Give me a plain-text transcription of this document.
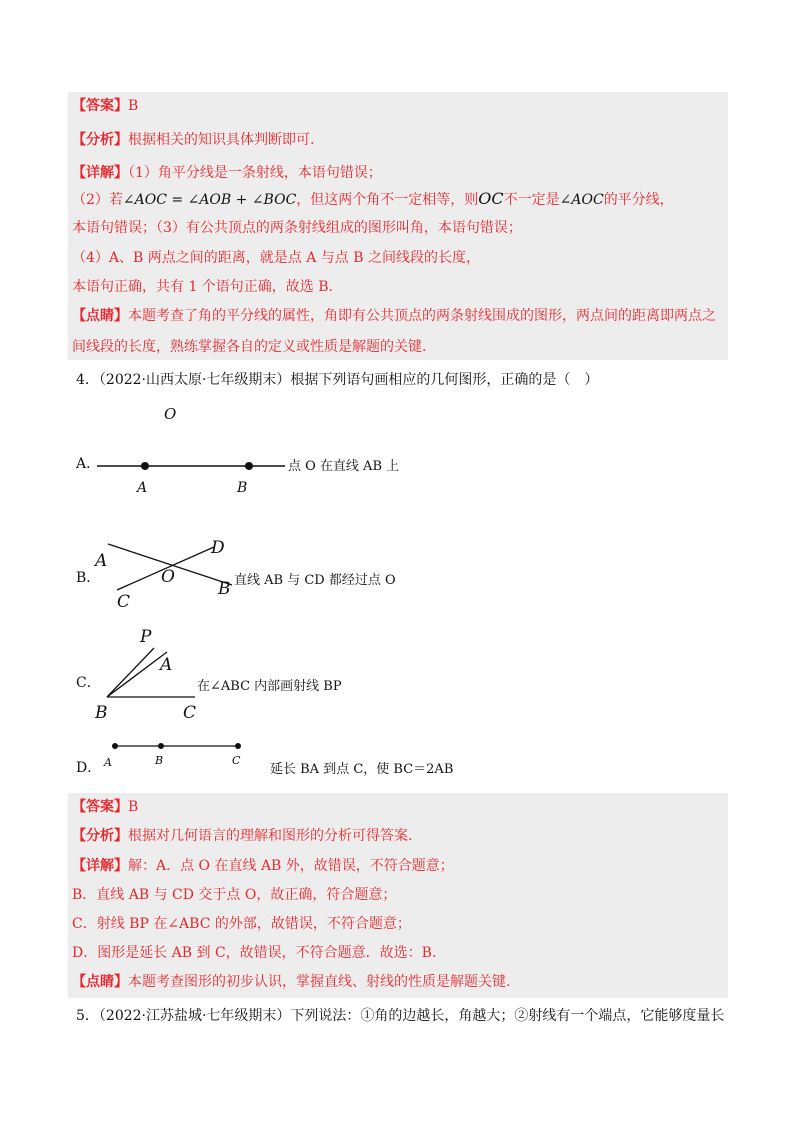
【答案】B
【分析】根据相关的知识具体判断即可.
【详解】（1）角平分线是一条射线，本语句错误；
（2）若∠AOC = ∠AOB + ∠BOC，但这两个角不一定相等，则OC不一定是∠AOC的平分线，
本语句错误；（3）有公共顶点的两条射线组成的图形叫角，本语句错误；
（4）A、B 两点之间的距离，就是点 A 与点 B 之间线段的长度，
本语句正确，共有 1 个语句正确，故选 B.
【点睛】本题考查了角的平分线的属性，角即有公共顶点的两条射线围成的图形，两点间的距离即两点之
间线段的长度，熟练掌握各自的定义或性质是解题的关键.
4．（2022·山西太原·七年级期末）根据下列语句画相应的几何图形，正确的是（　）
O
A	B
A
D
O
C
B
P
A
B	C
A	B	C
A．	点 O 在直线 AB 上
B．	直线 AB 与 CD 都经过点 O
C．	在∠ABC 内部画射线 BP
D．	延长 BA 到点 C，使 BC＝2AB
【答案】B
【分析】根据对几何语言的理解和图形的分析可得答案.
【详解】解：A．点 O 在直线 AB 外，故错误，不符合题意；
B．直线 AB 与 CD 交于点 O，故正确，符合题意；
C．射线 BP 在∠ABC 的外部，故错误，不符合题意；
D．图形是延长 AB 到 C，故错误，不符合题意．故选：B.
【点睛】本题考查图形的初步认识，掌握直线、射线的性质是解题关键.
5．（2022·江苏盐城·七年级期末）下列说法：①角的边越长，角越大；②射线有一个端点，它能够度量长
